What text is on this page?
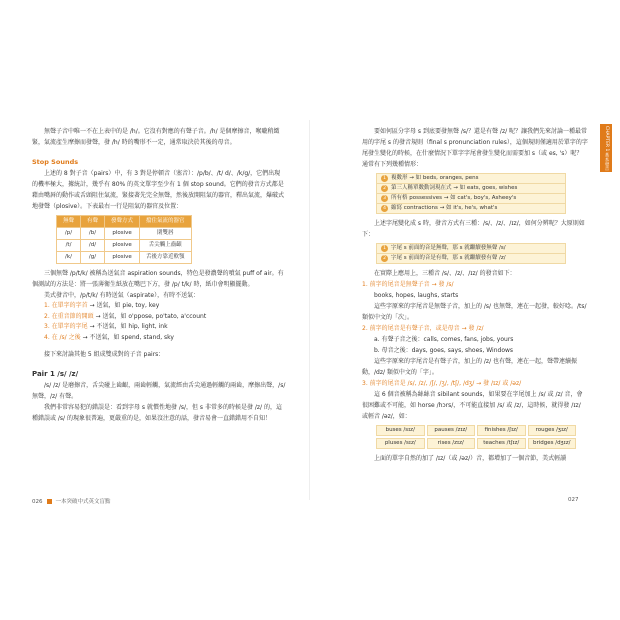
無聲子音中唯一不在上表中的是 /h/。它沒有對應的有聲子音。/h/ 是個摩擦音，喉嚨稍緻緊，氣流產生摩擦而發聲，發 /h/ 時的嘴形不一定，通常取決於其後的母音。

Stop Sounds

上述的 8 對子音（pairs）中，有 3 對是停頓音（塞音）：/p/b/、/t/ d/、/k/g/，它們出現的機率極大，據統計，幾乎有 80% 的英文單字至少有 1 個 stop sound。它們的發音方式都是藉由嘴唇的動作或舌頭阻住氣流，緊接著先完全無聲，然後放開阻氣的器官，釋出氣流，爆破式地發聲（plosive）。下表最右一行是阻氣的器官及位置：

無聲	有聲	發聲方式	擋住氣流的器官
/p/	/b/	plosive	閉雙唇
/t/	/d/	plosive	舌尖觸上齒齦
/k/	/g/	plosive	舌後方靠近軟顎

三個無聲 /p/t/k/ 被稱為送氣音 aspiration sounds，特色是發濃聲的噴氣 puff of air。有個測試的方法是：將一張薄衛生紙放在嘴巴下方，發 /p/ t/k/ 時，紙巾會明顯擺動。

美式發音中，/p/t/k/ 有時送氣（aspirate），有時不送氣：

1. 在單字的字首 → 送氣，如 pie, toy, key
2. 在重音節的開頭 → 送氣，如 o'ppose, po'tato, a'ccount
3. 在單字的字尾 → 不送氣，如 hip, light, ink
4. 在 /s/ 之後 → 不送氣，如 spend, stand, sky

接下來討論其他 5 組成雙成對的子音 pairs：

Pair 1 /s/ /z/

/s/ /z/ 是磨擦音，舌尖碰上齒齦，兩齒輕觸，氣流經由舌尖通過輕觸的兩齒，摩擦出聲，/s/ 無聲，/z/ 有聲。

我們非常容易犯的錯誤是：看到字母 s 就慣性地發 /s/，但 s 非常多的時候是發 /z/ 的，這種錯誤或 /s/ 的現象很普遍，更嚴重的是，如果沒注意的話，發音易會一直錯錯用不自知！

026 一本突破中式英文盲點

要如何區分字母 s 到底要發無聲 /s/？還是有聲 /z/ 呢？讓我們先來討論一種最常用的字尾 s 的發音規則（final s pronunciation rules），這個規則僅適用於單字的字尾發生變化的時候，在什麼情況下單字字尾會發生變化而需要加 s（或 es, 's）呢？通常有下列幾種情形：

1 複數形 → 如 beds, oranges, pens
2 第三人稱單數動詞現在式 → 如 eats, goes, wishes
3 所有格 possessives → 如 cat's, boy's, Asheey's
4 縮寫 contractions → 如 it's, he's, what's

上述字尾變化成 s 時，發音方式有三種：/s/、/z/、/ɪz/，如何分辨呢？大原則如下：

1 字尾 s 前面的音是無聲，那 s 就繼續發無聲 /s/
2 字尾 s 前面的音是有聲，那 s 就繼續發有聲 /z/

在實際上應用上，三種音 /s/、/z/、/ɪz/ 的發音如下：

1. 前字的尾音是無聲子音 → 發 /s/

books, hopes, laughs, starts

這些字原來的字尾音是無聲子音，加上的 /s/ 也無聲，連在一起發，較好唸。/ts/ 類似中文的「次」。

2. 前字的尾音是有聲子音，或是母音 → 發 /z/

a. 有聲子音之後：calls, comes, fans, jobs, yours

b. 母音之後：days, goes, says, shoes, Windows

這些字原來的字尾音是有聲子音，加上的 /z/ 也有聲，連在一起，聲帶連續振動，/dz/ 類似中文的「字」。

3. 前字的尾音是 /s/, /z/, /ʃ/, /ʒ/, /tʃ/, /dʒ/ → 發 /ɪz/ 或 /əz/

這 6 個音被稱為絲絲音 sibilant sounds，如果要在字尾加上 /s/ 或 /z/ 音，會很困難或不可能，如 horse /hɔrs/，不可能直接加 /s/ 或 /z/，這時候，就得發 /ɪz/ 或輕音 /əz/，如：

buses /sɪz/	pauses /zɪz/	finishes /ʃɪz/	rouges /ʒɪz/
pluses /sɪz/	rises /zɪz/	teaches /tʃɪz/	bridges /dʒɪz/

上面的單字自然的加了 /ɪz/（或 /əz/）音，都增加了一個音節，美式輕讀

027
CHAPTER 1 基本發音
